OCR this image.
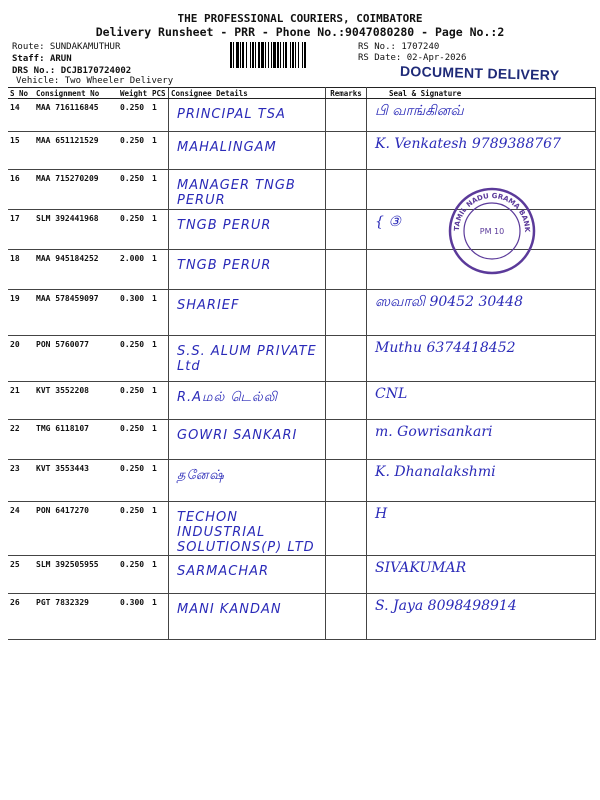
THE PROFESSIONAL COURIERS, COIMBATORE
Delivery Runsheet - PRR - Phone No.:9047080280 - Page No.:2
Route: SUNDAKAMUTHUR
Staff: ARUN
DRS No.: DCJB170724002
Vehicle: Two Wheeler Delivery
RS No.: 1707240
RS Date: 02-Apr-2026
DOCUMENT DELIVERY
S No	Consignment No	Weight	PCS	Consignee Details	Remarks	Seal & Signature
14	MAA 716116845	0.250	1	PRINCIPAL TSA		பி வாங்கினவ்
15	MAA 651121529	0.250	1	MAHALINGAM		K. Venkatesh 9789388767
16	MAA 715270209	0.250	1	MANAGER TNGB PERUR		
17	SLM 392441968	0.250	1	TNGB PERUR		{ ③
18	MAA 945184252	2.000	1	TNGB PERUR		
19	MAA 578459097	0.300	1	SHARIEF		ஸவாலி 90452 30448
20	PON 5760077	0.250	1	S.S. ALUM PRIVATE Ltd		Muthu 6374418452
21	KVT 3552208	0.250	1	R.Aமல் டெல்லி		CNL
22	TMG 6118107	0.250	1	GOWRI SANKARI		m. Gowrisankari
23	KVT 3553443	0.250	1	தனேஷ்		K. Dhanalakshmi
24	PON 6417270	0.250	1	TECHON INDUSTRIAL SOLUTIONS(P) LTD		H
25	SLM 392505955	0.250	1	SARMACHAR		SIVAKUMAR
26	PGT 7832329	0.300	1	MANI KANDAN		S. Jaya 8098498914
TAMIL NADU GRAMA BANK
PM 10
